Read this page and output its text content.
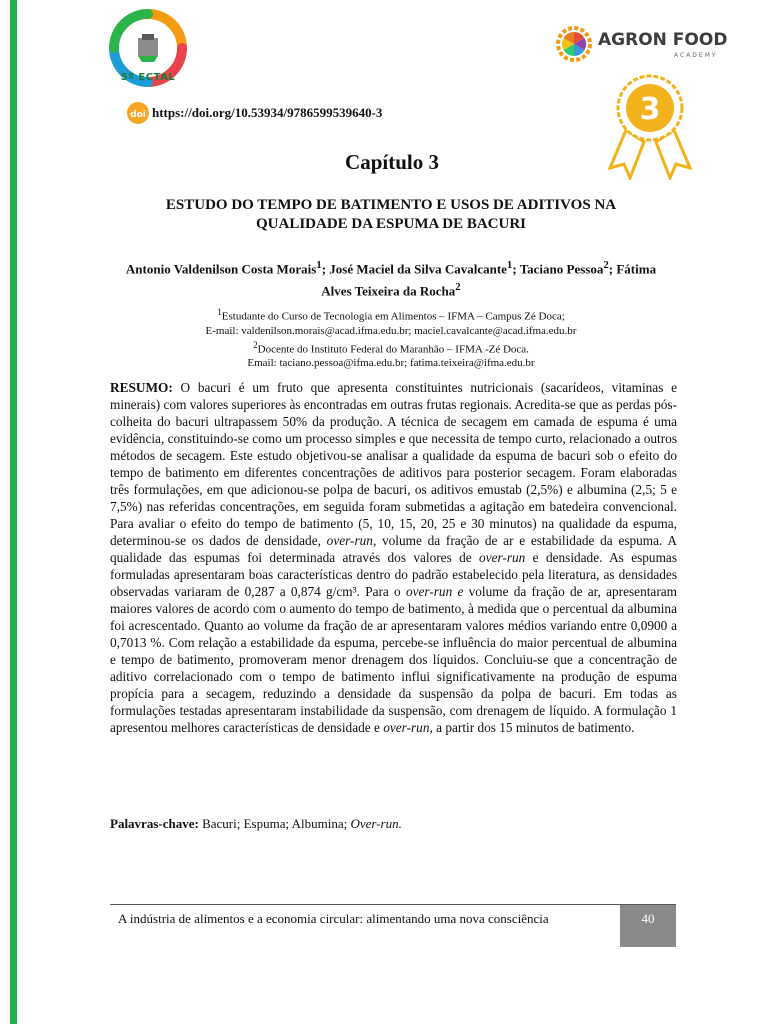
5º ECTAL
AGRON FOOD
ACADEMY
3
doi https://doi.org/10.53934/9786599539640-3
Capítulo 3
ESTUDO DO TEMPO DE BATIMENTO E USOS DE ADITIVOS NA
QUALIDADE DA ESPUMA DE BACURI
Antonio Valdenilson Costa Morais$^1$; José Maciel da Silva Cavalcante$^1$; Taciano Pessoa$^2$; Fátima Alves Teixeira da Rocha$^2$
$^1$Estudante do Curso de Tecnologia em Alimentos – IFMA – Campus Zé Doca;
E-mail: valdenilson.morais@acad.ifma.edu.br; maciel.cavalcante@acad.ifma.edu.br
$^2$Docente do Instituto Federal do Maranhão – IFMA -Zé Doca.
Email: taciano.pessoa@ifma.edu.br; fatima.teixeira@ifma.edu.br
RESUMO: O bacuri é um fruto que apresenta constituintes nutricionais (sacarídeos, vitaminas e minerais) com valores superiores às encontradas em outras frutas regionais. Acredita-se que as perdas pós-colheita do bacuri ultrapassem 50% da produção. A técnica de secagem em camada de espuma é uma evidência, constituindo-se como um processo simples e que necessita de tempo curto, relacionado a outros métodos de secagem. Este estudo objetivou-se analisar a qualidade da espuma de bacuri sob o efeito do tempo de batimento em diferentes concentrações de aditivos para posterior secagem. Foram elaboradas três formulações, em que adicionou-se polpa de bacuri, os aditivos emustab (2,5%) e albumina (2,5; 5 e 7,5%) nas referidas concentrações, em seguida foram submetidas a agitação em batedeira convencional. Para avaliar o efeito do tempo de batimento (5, 10, 15, 20, 25 e 30 minutos) na qualidade da espuma, determinou-se os dados de densidade, over-run, volume da fração de ar e estabilidade da espuma. A qualidade das espumas foi determinada através dos valores de over-run e densidade. As espumas formuladas apresentaram boas características dentro do padrão estabelecido pela literatura, as densidades observadas variaram de 0,287 a 0,874 g/cm³. Para o over-run e volume da fração de ar, apresentaram maiores valores de acordo com o aumento do tempo de batimento, à medida que o percentual da albumina foi acrescentado. Quanto ao volume da fração de ar apresentaram valores médios variando entre 0,0900 a 0,7013 %. Com relação a estabilidade da espuma, percebe-se influência do maior percentual de albumina e tempo de batimento, promoveram menor drenagem dos líquidos. Concluiu-se que a concentração de aditivo correlacionado com o tempo de batimento influi significativamente na produção de espuma propícia para a secagem, reduzindo a densidade da suspensão da polpa de bacuri. Em todas as formulações testadas apresentaram instabilidade da suspensão, com drenagem de líquido. A formulação 1 apresentou melhores características de densidade e over-run, a partir dos 15 minutos de batimento.
Palavras-chave: Bacuri; Espuma; Albumina; Over-run.
A indústria de alimentos e a economia circular: alimentando uma nova consciência	40
